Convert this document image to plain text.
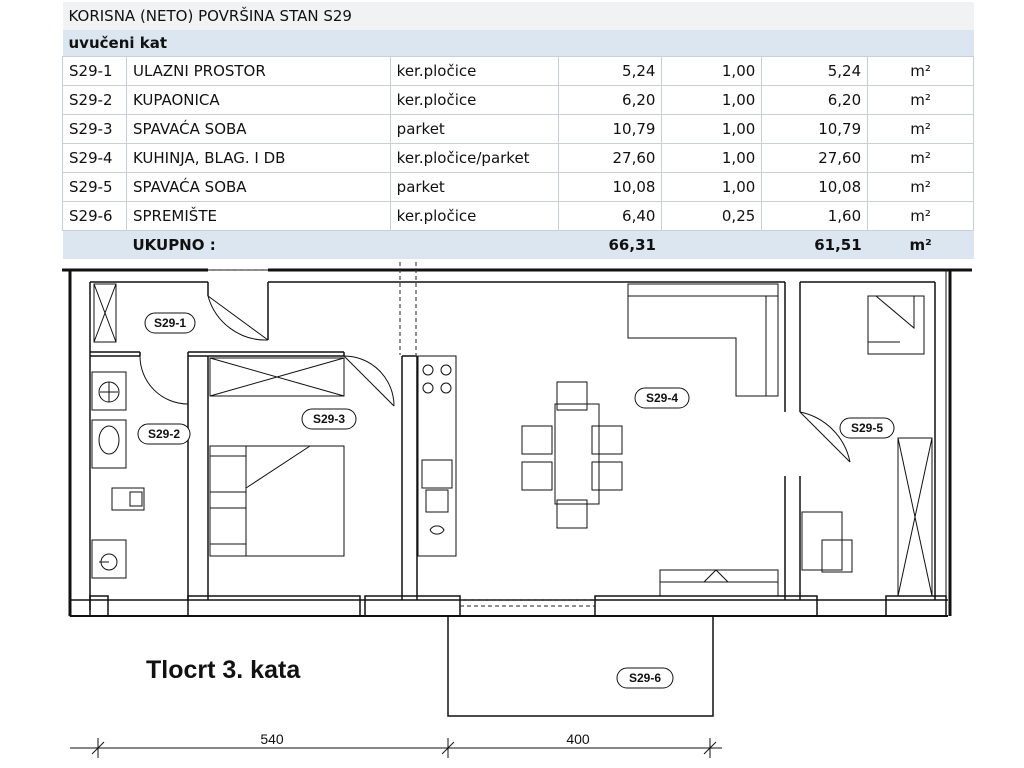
KORISNA (NETO) POVRŠINA STAN S29						
uvučeni kat						
S29-1	ULAZNI PROSTOR	ker.pločice	5,24	1,00	5,24	m²
S29-2	KUPAONICA	ker.pločice	6,20	1,00	6,20	m²
S29-3	SPAVAĆA SOBA	parket	10,79	1,00	10,79	m²
S29-4	KUHINJA, BLAG. I DB	ker.pločice/parket	27,60	1,00	27,60	m²
S29-5	SPAVAĆA SOBA	parket	10,08	1,00	10,08	m²
S29-6	SPREMIŠTE	ker.pločice	6,40	0,25	1,60	m²
	UKUPNO :		66,31		61,51	m²
S29-1
S29-2
S29-3
S29-4
S29-5
S29-6
540	400
Tlocrt 3. kata
